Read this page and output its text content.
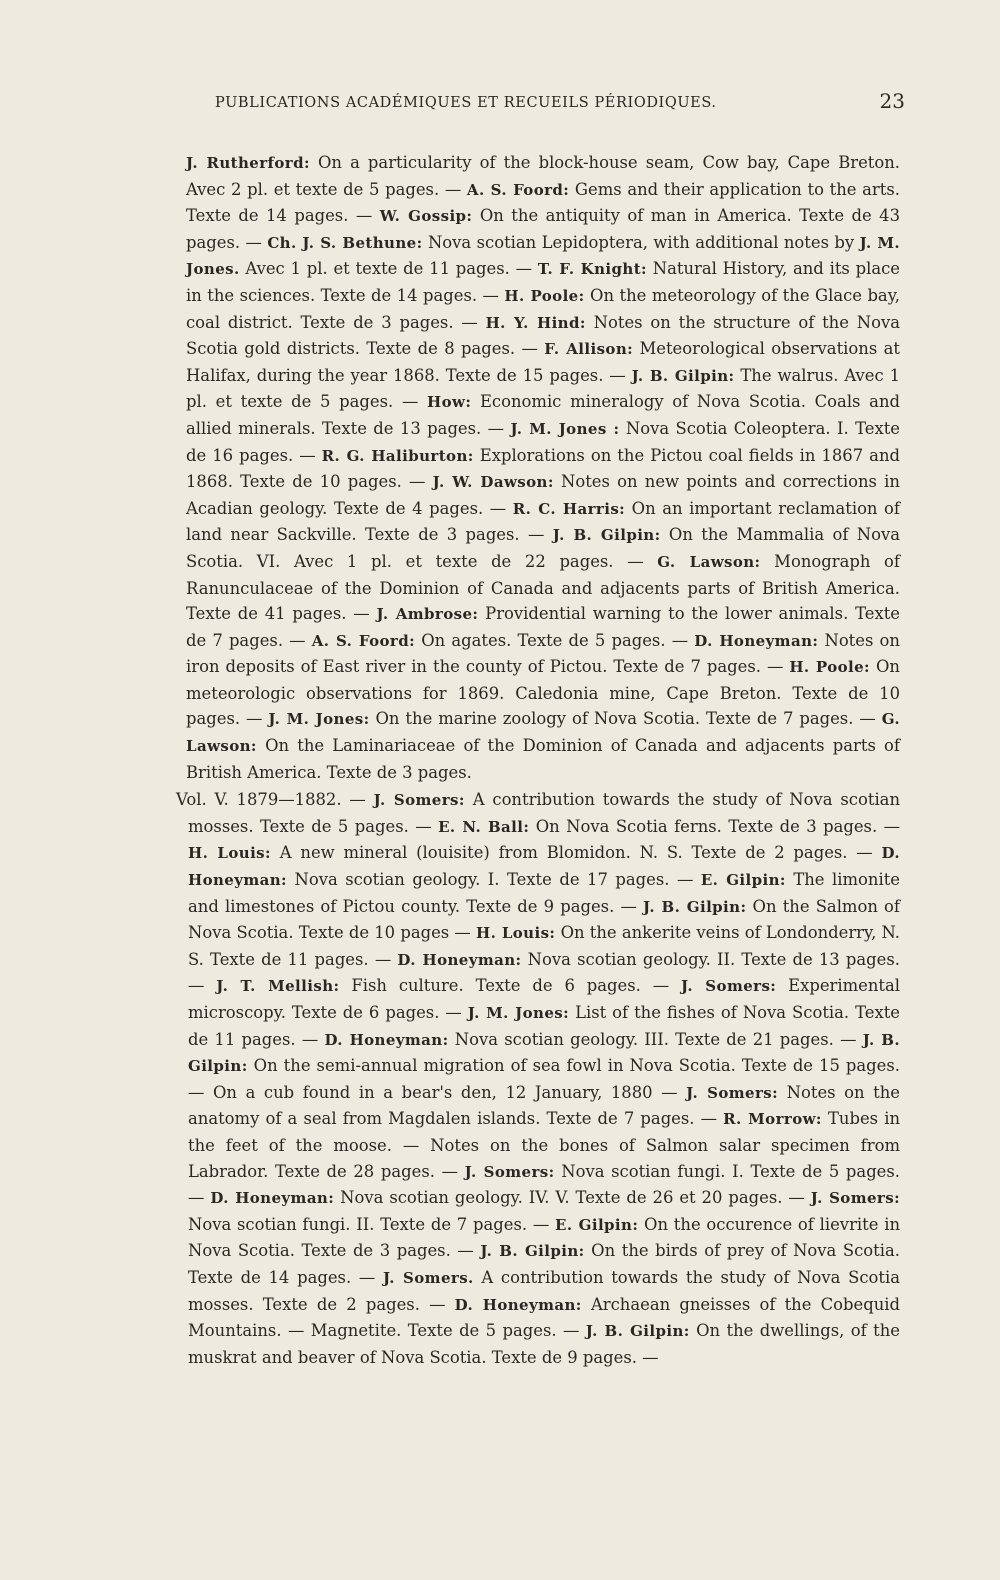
PUBLICATIONS ACADÉMIQUES ET RECUEILS PÉRIODIQUES.	23

J. Rutherford: On a particularity of the block-house seam, Cow bay, Cape Breton. Avec 2 pl. et texte de 5 pages. — A. S. Foord: Gems and their application to the arts. Texte de 14 pages. — W. Gossip: On the antiquity of man in America. Texte de 43 pages. — Ch. J. S. Bethune: Nova scotian Lepidoptera, with additional notes by J. M. Jones. Avec 1 pl. et texte de 11 pages. — T. F. Knight: Natural History, and its place in the sciences. Texte de 14 pages. — H. Poole: On the meteorology of the Glace bay, coal district. Texte de 3 pages. — H. Y. Hind: Notes on the structure of the Nova Scotia gold districts. Texte de 8 pages. — F. Allison: Meteorological observations at Halifax, during the year 1868. Texte de 15 pages. — J. B. Gilpin: The walrus. Avec 1 pl. et texte de 5 pages. — How: Economic mineralogy of Nova Scotia. Coals and allied minerals. Texte de 13 pages. — J. M. Jones : Nova Scotia Coleoptera. I. Texte de 16 pages. — R. G. Haliburton: Explorations on the Pictou coal fields in 1867 and 1868. Texte de 10 pages. — J. W. Dawson: Notes on new points and corrections in Acadian geology. Texte de 4 pages. — R. C. Harris: On an important reclamation of land near Sackville. Texte de 3 pages. — J. B. Gilpin: On the Mammalia of Nova Scotia. VI. Avec 1 pl. et texte de 22 pages. — G. Lawson: Monograph of Ranunculaceae of the Dominion of Canada and adjacents parts of British America. Texte de 41 pages. — J. Ambrose: Providential warning to the lower animals. Texte de 7 pages. — A. S. Foord: On agates. Texte de 5 pages. — D. Honeyman: Notes on iron deposits of East river in the county of Pictou. Texte de 7 pages. — H. Poole: On meteorologic observations for 1869. Caledonia mine, Cape Breton. Texte de 10 pages. — J. M. Jones: On the marine zoology of Nova Scotia. Texte de 7 pages. — G. Lawson: On the Laminariaceae of the Dominion of Canada and adjacents parts of British America. Texte de 3 pages.

Vol. V. 1879—1882. — J. Somers: A contribution towards the study of Nova scotian mosses. Texte de 5 pages. — E. N. Ball: On Nova Scotia ferns. Texte de 3 pages. — H. Louis: A new mineral (louisite) from Blomidon. N. S. Texte de 2 pages. — D. Honeyman: Nova scotian geology. I. Texte de 17 pages. — E. Gilpin: The limonite and limestones of Pictou county. Texte de 9 pages. — J. B. Gilpin: On the Salmon of Nova Scotia. Texte de 10 pages — H. Louis: On the ankerite veins of Londonderry, N. S. Texte de 11 pages. — D. Honeyman: Nova scotian geology. II. Texte de 13 pages. — J. T. Mellish: Fish culture. Texte de 6 pages. — J. Somers: Experimental microscopy. Texte de 6 pages. — J. M. Jones: List of the fishes of Nova Scotia. Texte de 11 pages. — D. Honeyman: Nova scotian geology. III. Texte de 21 pages. — J. B. Gilpin: On the semi-annual migration of sea fowl in Nova Scotia. Texte de 15 pages. — On a cub found in a bear's den, 12 January, 1880 — J. Somers: Notes on the anatomy of a seal from Magdalen islands. Texte de 7 pages. — R. Morrow: Tubes in the feet of the moose. — Notes on the bones of Salmon salar specimen from Labrador. Texte de 28 pages. — J. Somers: Nova scotian fungi. I. Texte de 5 pages. — D. Honeyman: Nova scotian geology. IV. V. Texte de 26 et 20 pages. — J. Somers: Nova scotian fungi. II. Texte de 7 pages. — E. Gilpin: On the occurence of lievrite in Nova Scotia. Texte de 3 pages. — J. B. Gilpin: On the birds of prey of Nova Scotia. Texte de 14 pages. — J. Somers. A contribution towards the study of Nova Scotia mosses. Texte de 2 pages. — D. Honeyman: Archaean gneisses of the Cobequid Mountains. — Magnetite. Texte de 5 pages. — J. B. Gilpin: On the dwellings, of the muskrat and beaver of Nova Scotia. Texte de 9 pages. —
